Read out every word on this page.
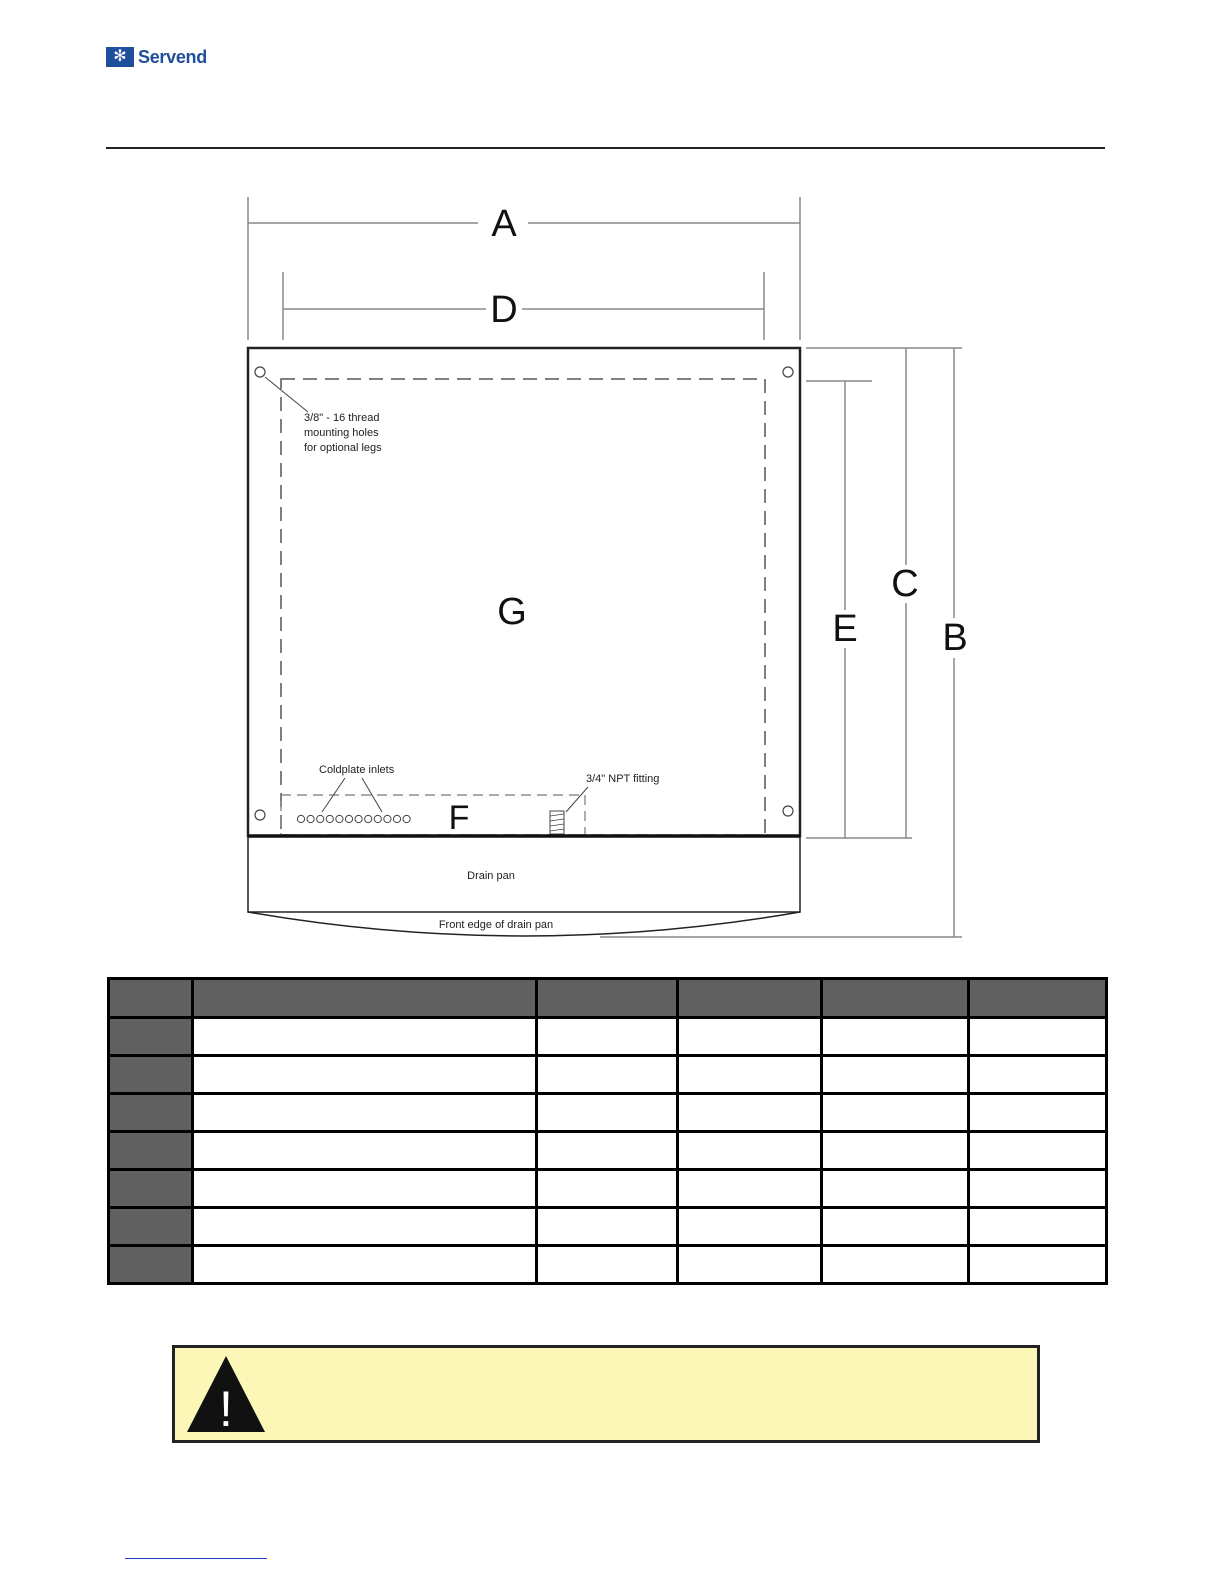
✻ Servend
3/8" - 16 thread
mounting holes
for optional legs
Coldplate inlets
3/4" NPT fitting
Drain pan
Front edge of drain pan
A
D
C
E B
G
F

!
